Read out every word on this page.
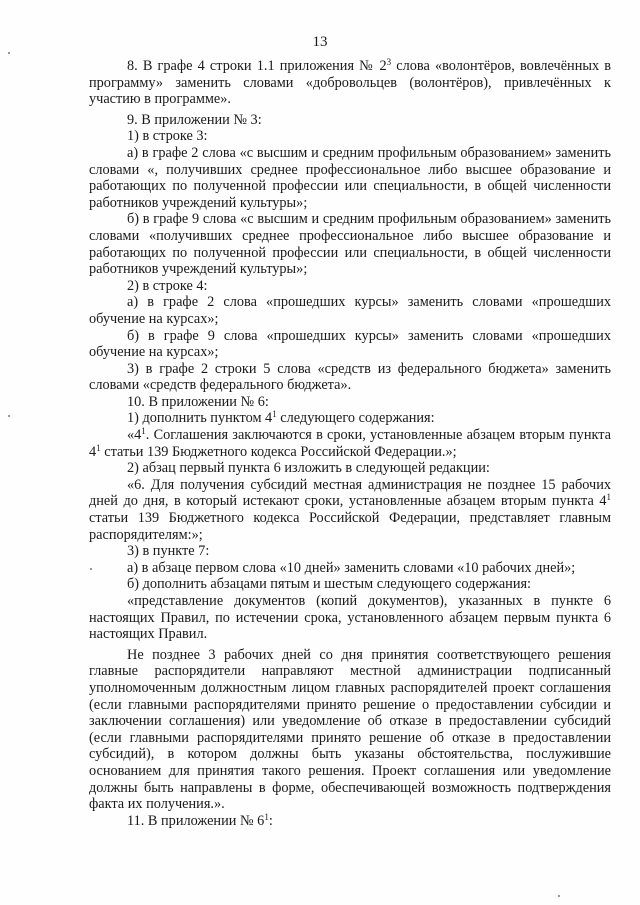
13

8. В графе 4 строки 1.1 приложения № $2^3$ слова «волонтёров, вовлечённых в программу» заменить словами «добровольцев (волонтёров), привлечённых к участию в программе».

9. В приложении № 3:

1) в строке 3:

а) в графе 2 слова «с высшим и средним профильным образованием» заменить словами «, получивших среднее профессиональное либо высшее образование и работающих по полученной профессии или специальности, в общей численности работников учреждений культуры»;

б) в графе 9 слова «с высшим и средним профильным образованием» заменить словами «получивших среднее профессиональное либо высшее образование и работающих по полученной профессии или специальности, в общей численности работников учреждений культуры»;

2) в строке 4:

а) в графе 2 слова «прошедших курсы» заменить словами «прошедших обучение на курсах»;

б) в графе 9 слова «прошедших курсы» заменить словами «прошедших обучение на курсах»;

3) в графе 2 строки 5 слова «средств из федерального бюджета» заменить словами «средств федерального бюджета».

10. В приложении № 6:

1) дополнить пунктом $4^1$ следующего содержания:

«$4^1$. Соглашения заключаются в сроки, установленные абзацем вторым пункта $4^1$ статьи 139 Бюджетного кодекса Российской Федерации.»;

2) абзац первый пункта 6 изложить в следующей редакции:

«6. Для получения субсидий местная администрация не позднее 15 рабочих дней до дня, в который истекают сроки, установленные абзацем вторым пункта $4^1$ статьи 139 Бюджетного кодекса Российской Федерации, представляет главным распорядителям:»;

3) в пункте 7:

а) в абзаце первом слова «10 дней» заменить словами «10 рабочих дней»;

б) дополнить абзацами пятым и шестым следующего содержания:

«представление документов (копий документов), указанных в пункте 6 настоящих Правил, по истечении срока, установленного абзацем первым пункта 6 настоящих Правил.

Не позднее 3 рабочих дней со дня принятия соответствующего решения главные распорядители направляют местной администрации подписанный уполномоченным должностным лицом главных распорядителей проект соглашения (если главными распорядителями принято решение о предоставлении субсидии и заключении соглашения) или уведомление об отказе в предоставлении субсидий (если главными распорядителями принято решение об отказе в предоставлении субсидий), в котором должны быть указаны обстоятельства, послужившие основанием для принятия такого решения. Проект соглашения или уведомление должны быть направлены в форме, обеспечивающей возможность подтверждения факта их получения.».

11. В приложении № $6^1$:
